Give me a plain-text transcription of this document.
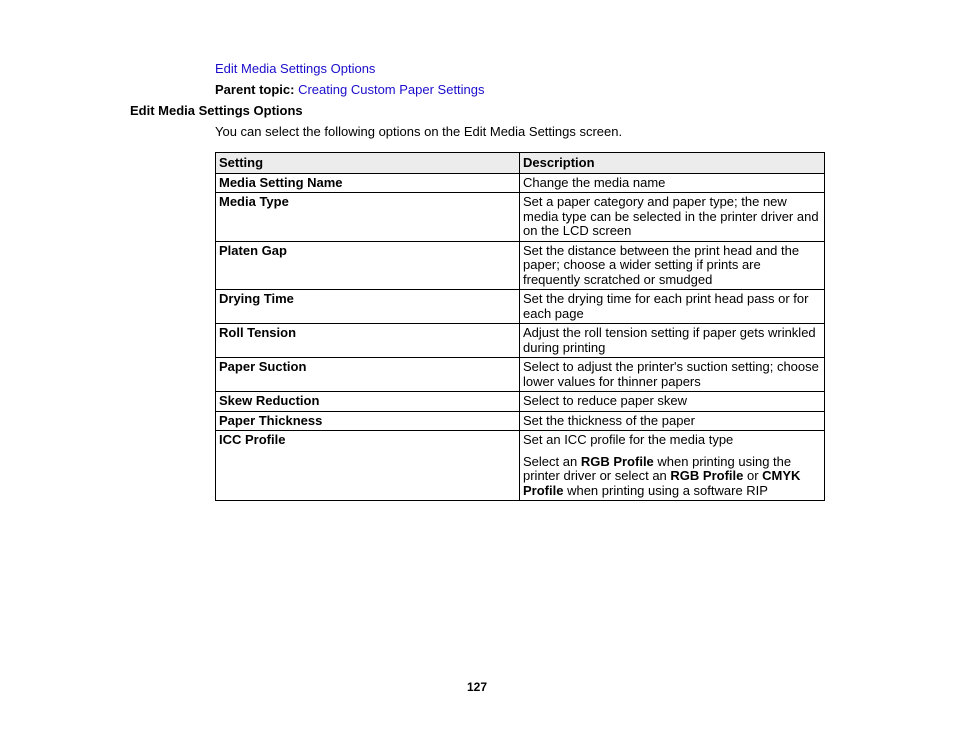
Edit Media Settings Options
Parent topic: Creating Custom Paper Settings
Edit Media Settings Options
You can select the following options on the Edit Media Settings screen.
Setting	Description
Media Setting Name	Change the media name
Media Type	Set a paper category and paper type; the new media type can be selected in the printer driver and on the LCD screen
Platen Gap	Set the distance between the print head and the paper; choose a wider setting if prints are frequently scratched or smudged
Drying Time	Set the drying time for each print head pass or for each page
Roll Tension	Adjust the roll tension setting if paper gets wrinkled during printing
Paper Suction	Select to adjust the printer's suction setting; choose lower values for thinner papers
Skew Reduction	Select to reduce paper skew
Paper Thickness	Set the thickness of the paper
ICC Profile	Set an ICC profile for the media type

Select an RGB Profile when printing using the printer driver or select an RGB Profile or CMYK Profile when printing using a software RIP

127
